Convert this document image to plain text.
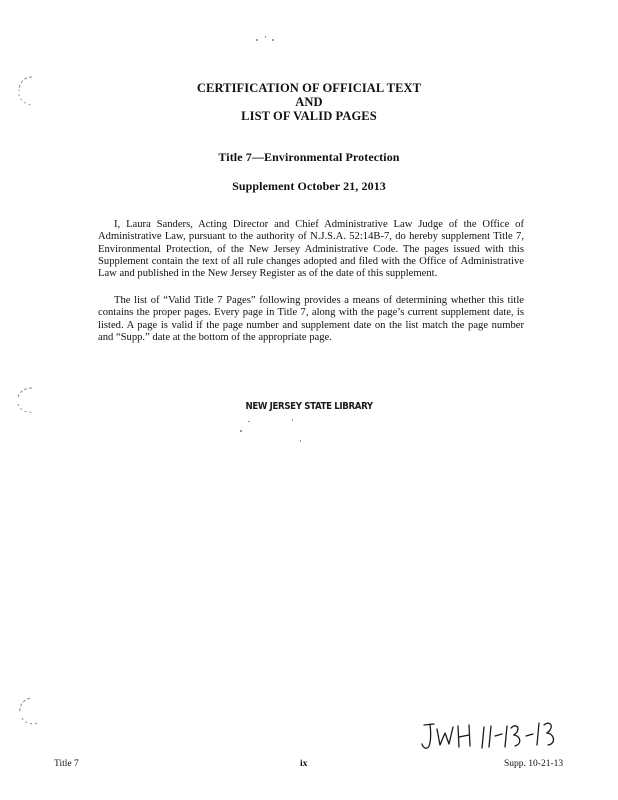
CERTIFICATION OF OFFICIAL TEXT
AND
LIST OF VALID PAGES
Title 7—Environmental Protection
Supplement October 21, 2013

I, Laura Sanders, Acting Director and Chief Administrative Law Judge of the Office of Administrative Law, pursuant to the authority of N.J.S.A. 52:14B-7, do hereby supplement Title 7, Environmental Protection, of the New Jersey Administrative Code. The pages issued with this Supplement contain the text of all rule changes adopted and filed with the Office of Administrative Law and published in the New Jersey Register as of the date of this supplement.

The list of “Valid Title 7 Pages” following provides a means of determining whether this title contains the proper pages. Every page in Title 7, along with the page’s current supplement date, is listed. A page is valid if the page number and supplement date on the list match the page number and “Supp.” date at the bottom of the appropriate page.

NEW JERSEY STATE LIBRARY
Title 7	ix	Supp. 10-21-13
